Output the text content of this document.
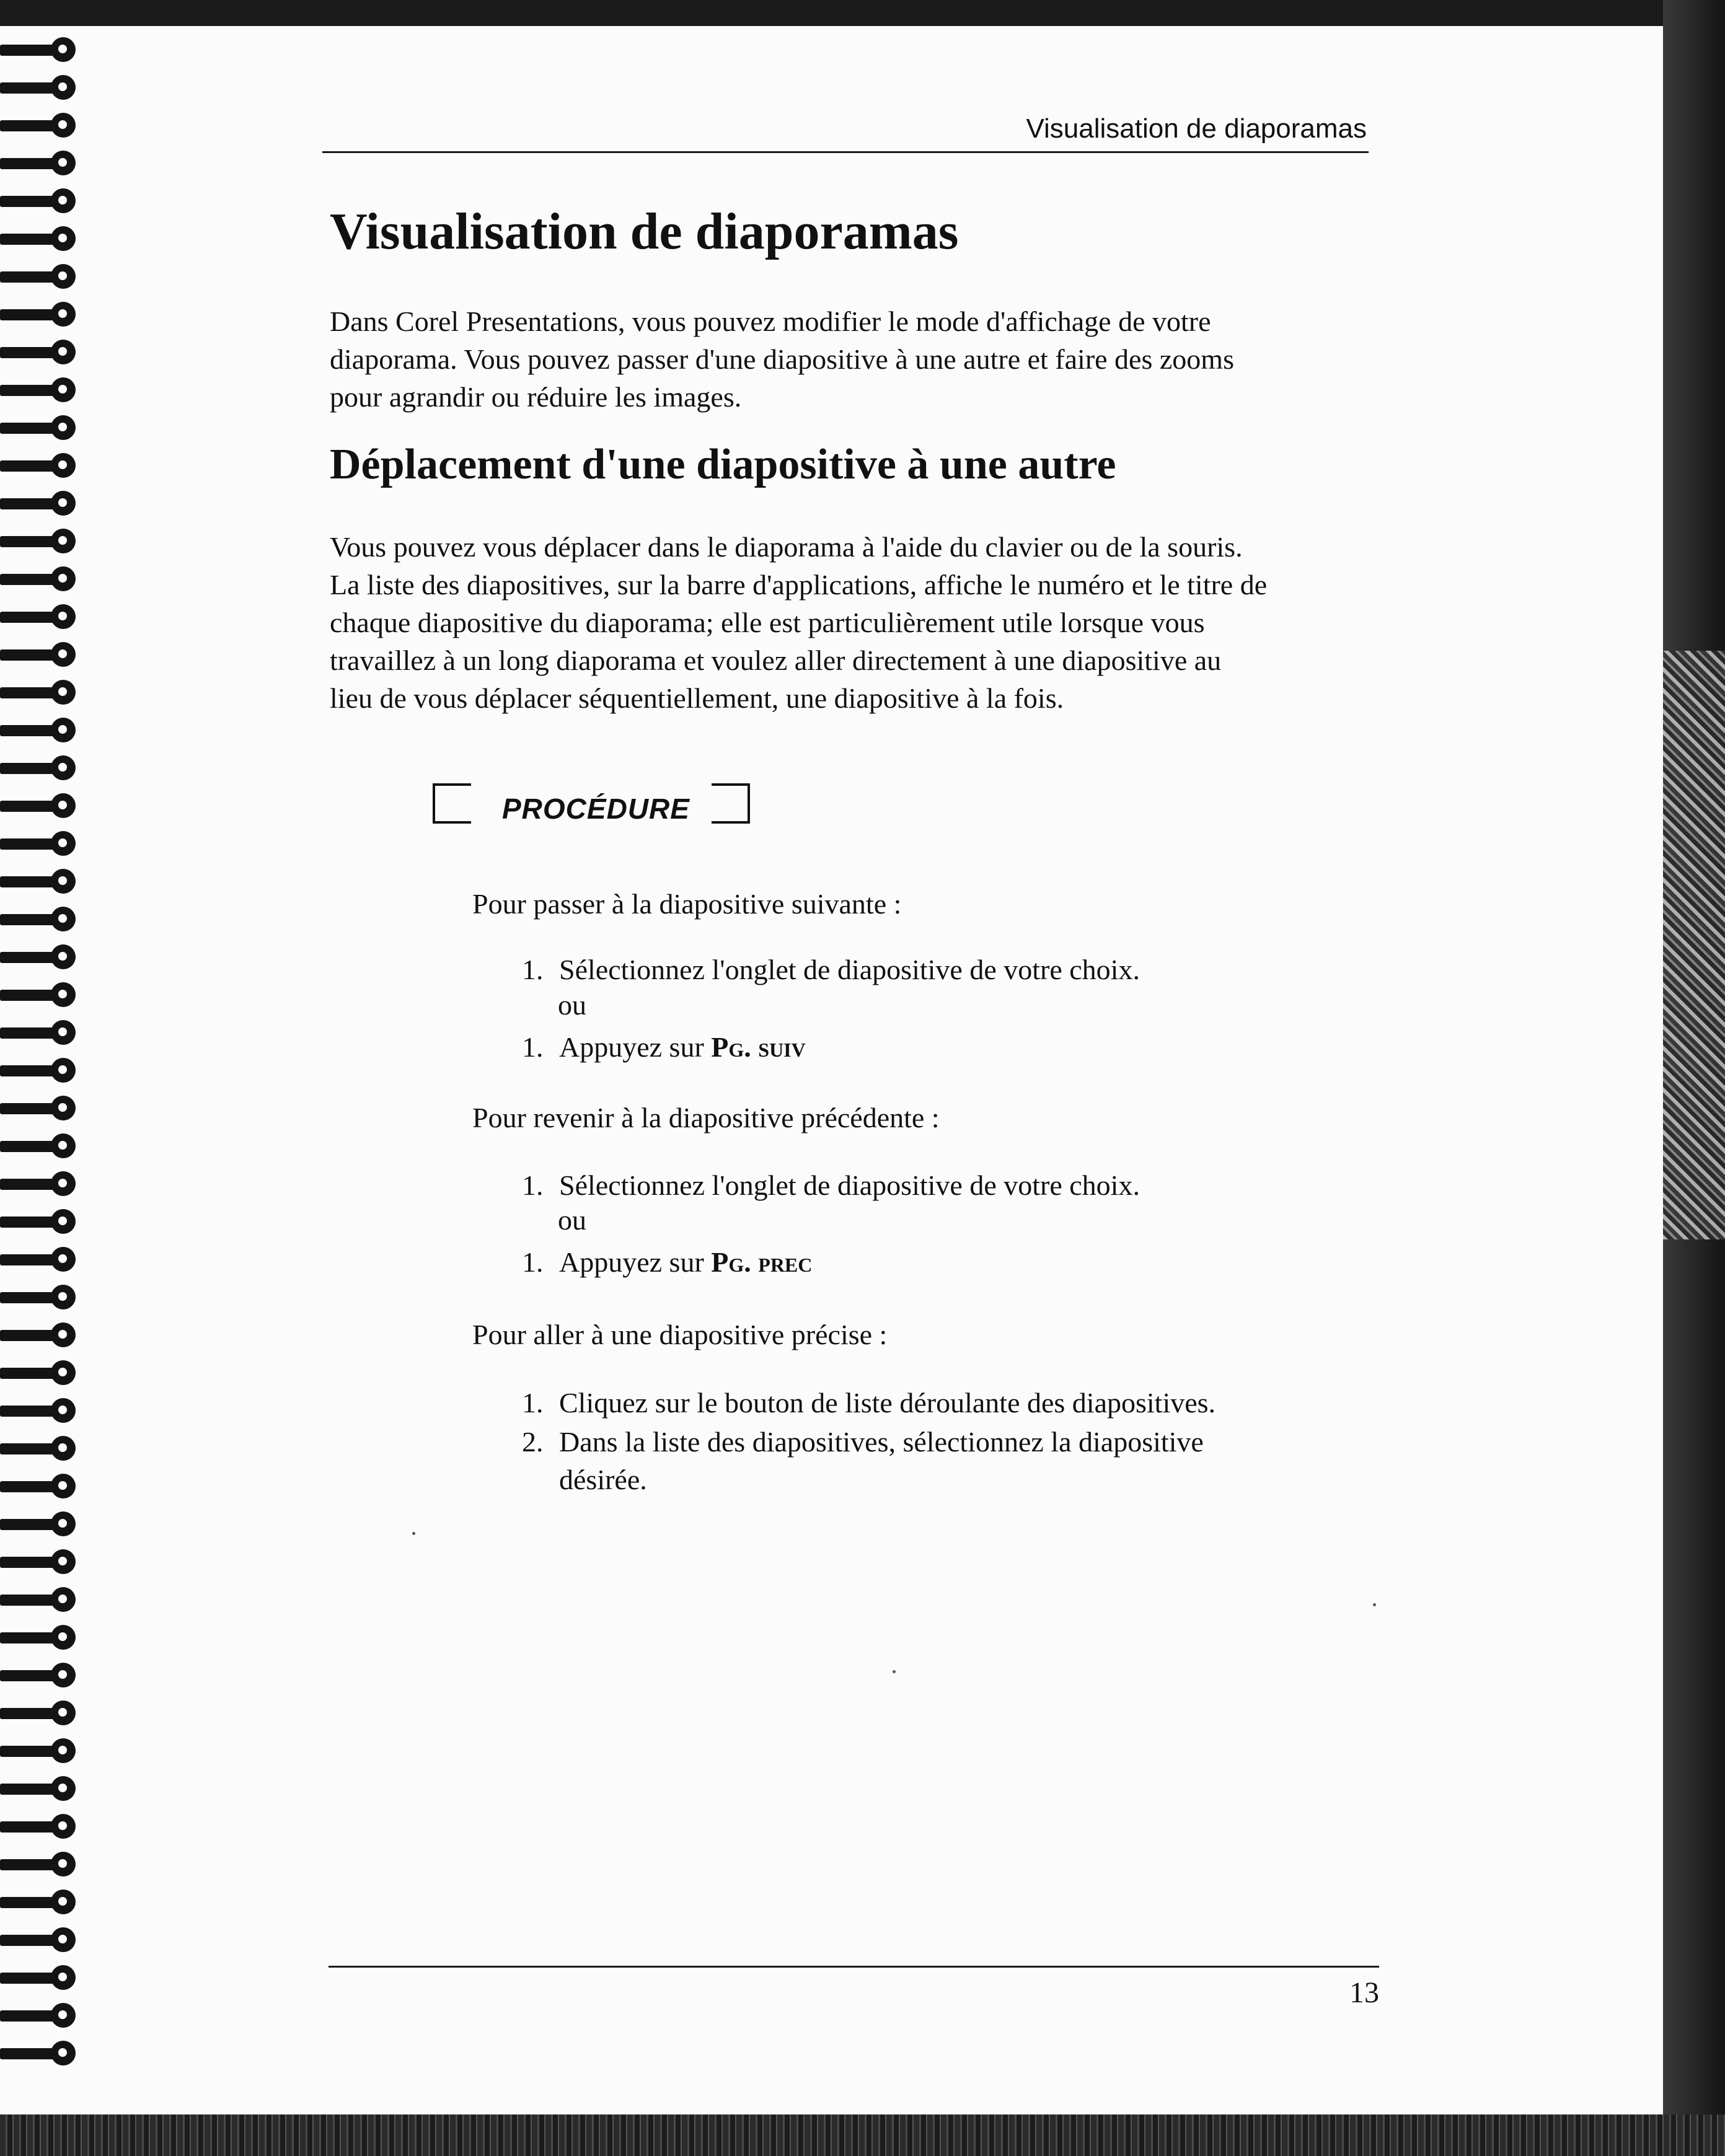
Visualisation de diaporamas

Visualisation de diaporamas

Dans Corel Presentations, vous pouvez modifier le mode d'affichage de votre

diaporama. Vous pouvez passer d'une diapositive à une autre et faire des zooms

pour agrandir ou réduire les images.

Déplacement d'une diapositive à une autre

Vous pouvez vous déplacer dans le diaporama à l'aide du clavier ou de la souris.

La liste des diapositives, sur la barre d'applications, affiche le numéro et le titre de

chaque diapositive du diaporama; elle est particulièrement utile lorsque vous

travaillez à un long diaporama et voulez aller directement à une diapositive au

lieu de vous déplacer séquentiellement, une diapositive à la fois.

PROCÉDURE

Pour passer à la diapositive suivante :

1. Sélectionnez l'onglet de diapositive de votre choix.

ou

1. Appuyez sur Pg. suiv

Pour revenir à la diapositive précédente :

1. Sélectionnez l'onglet de diapositive de votre choix.

ou

1. Appuyez sur Pg. prec

Pour aller à une diapositive précise :

1. Cliquez sur le bouton de liste déroulante des diapositives.
2. Dans la liste des diapositives, sélectionnez la diapositive
désirée.

13
